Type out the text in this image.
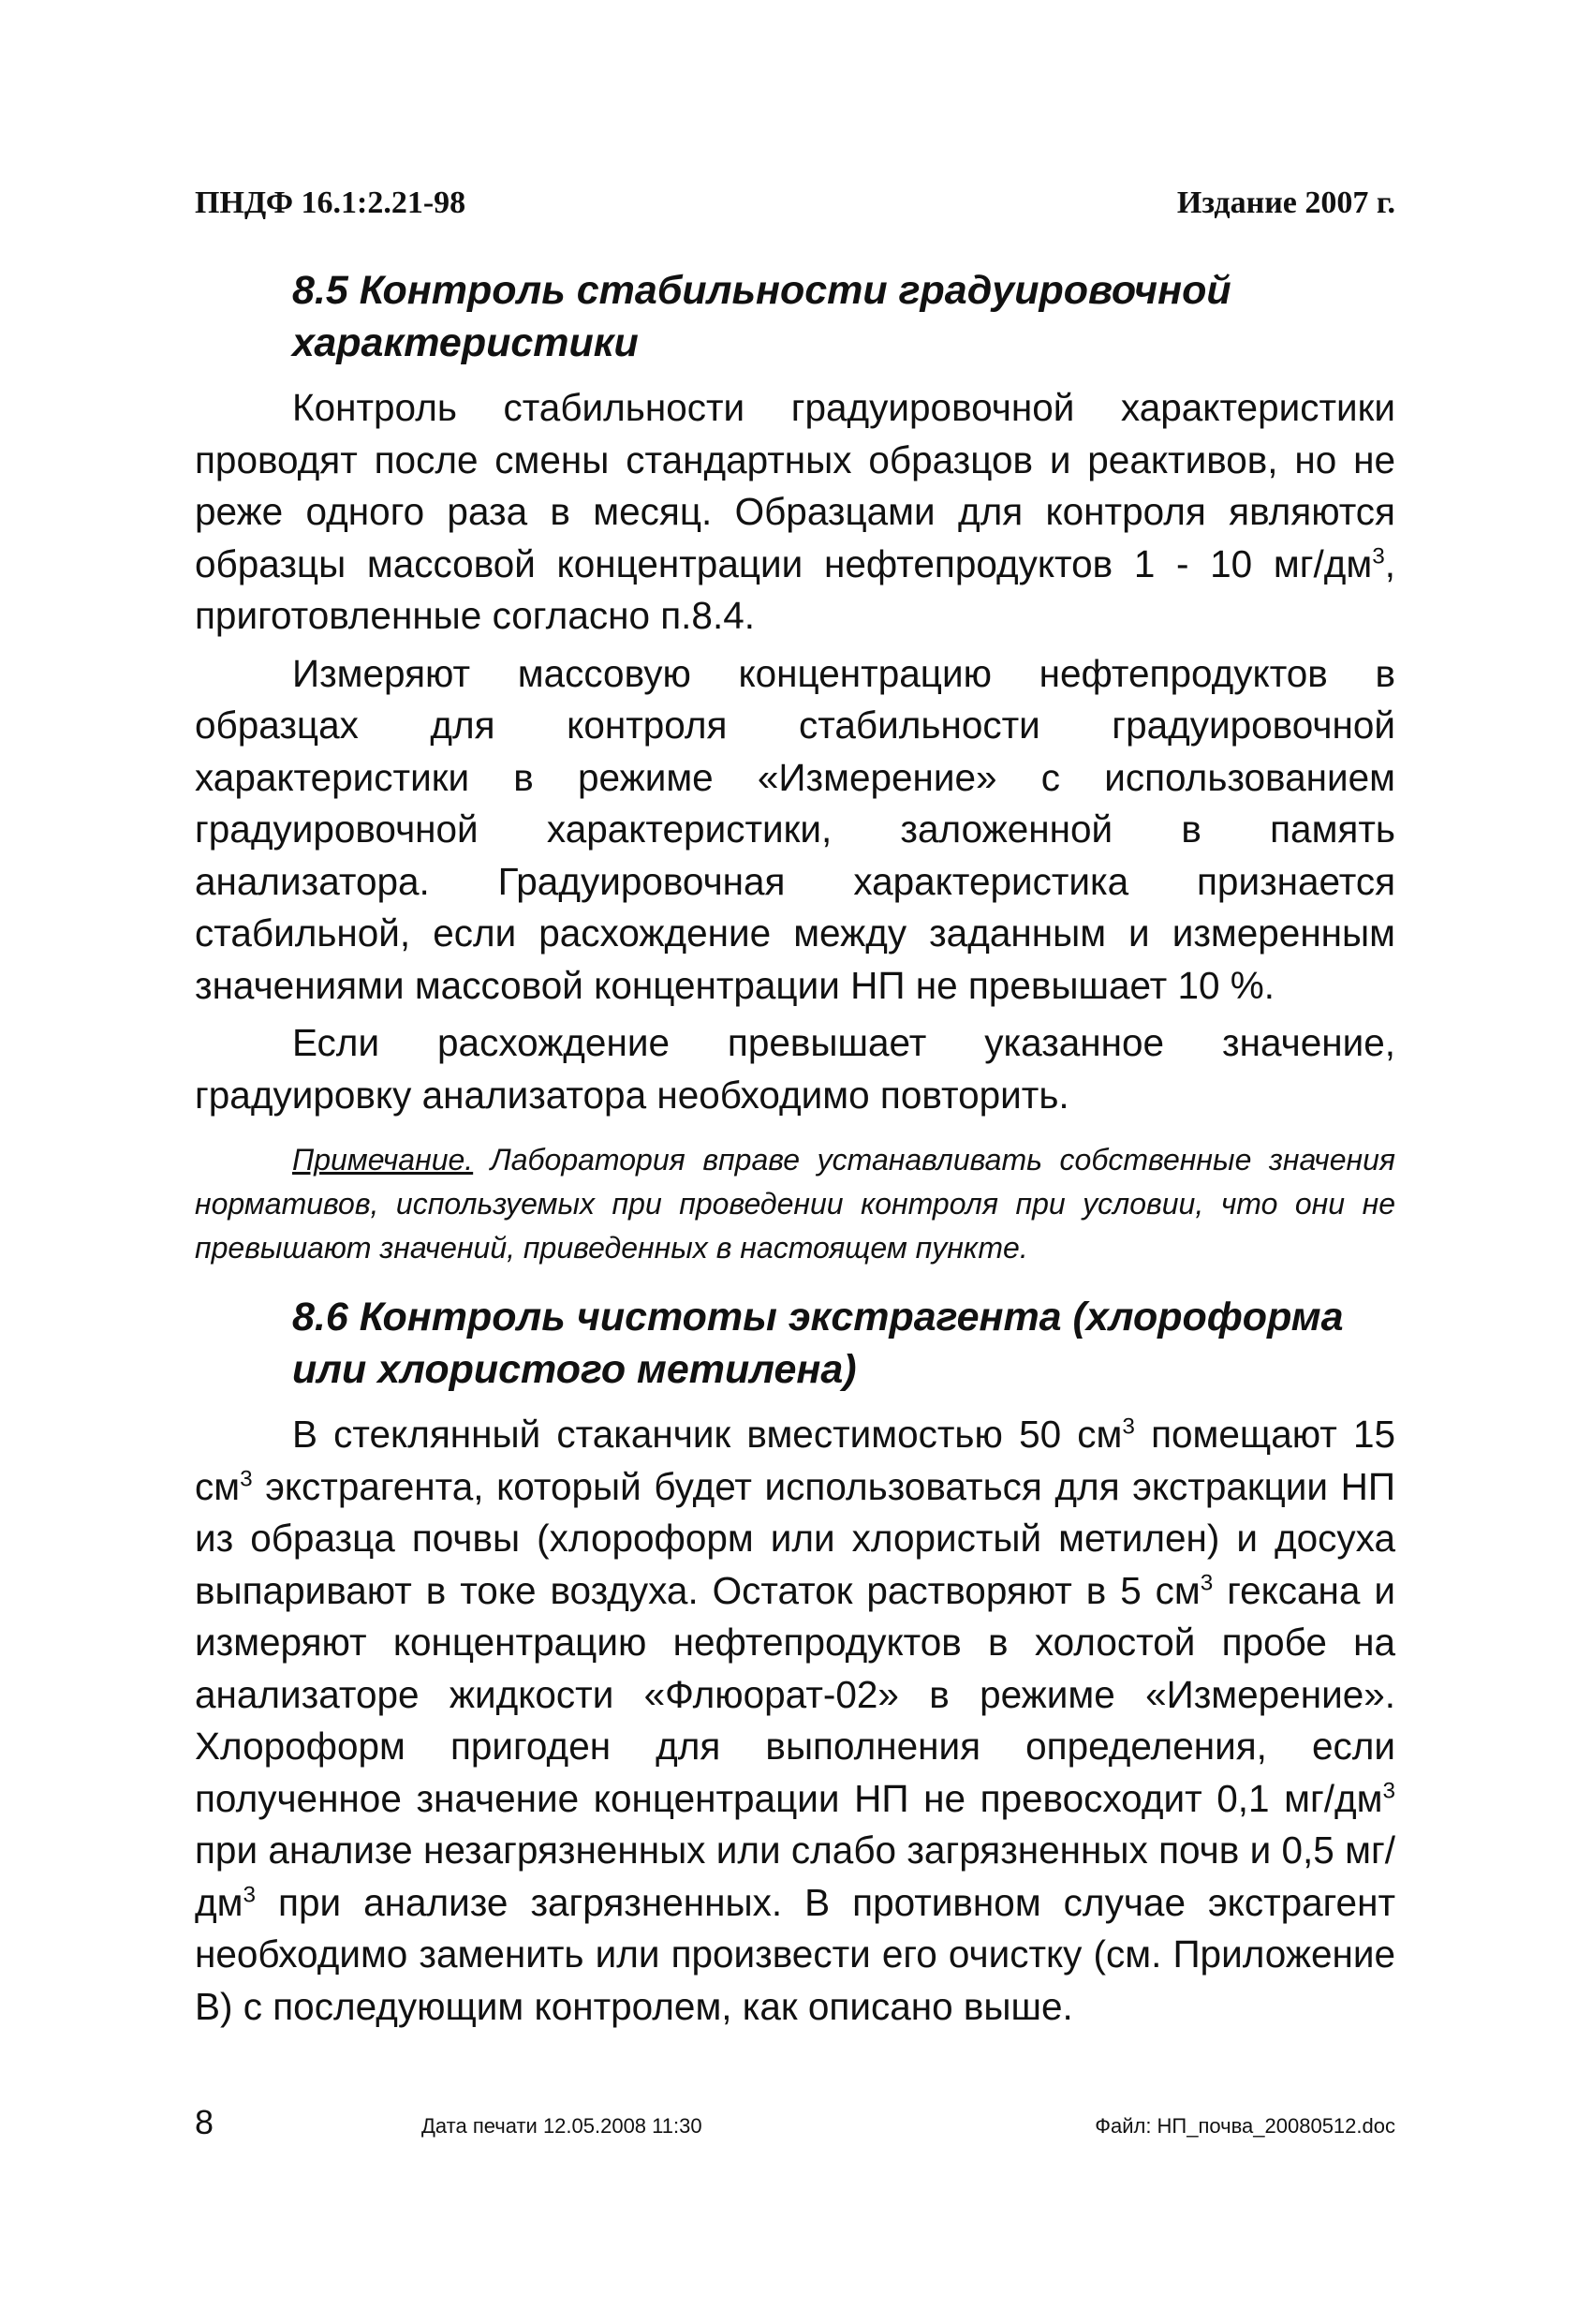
ПНДФ 16.1:2.21-98	Издание 2007 г.
8.5 Контроль стабильности градуировочной характеристики

Контроль стабильности градуировочной характеристики проводят после смены стандартных образцов и реактивов, но не реже одного раза в месяц. Образцами для контроля являются образцы массовой концентрации нефтепродуктов 1 - 10 $мг/дм^3$, приготовленные согласно п.8.4.

Измеряют массовую концентрацию нефтепродуктов в образцах для контроля стабильности градуировочной характеристики в режиме «Измерение» с использованием градуировочной характеристики, заложенной в память анализатора. Градуировочная характеристика признается стабильной, если расхождение между заданным и измеренным значениями массовой концентрации НП не превышает 10 %.

Если расхождение превышает указанное значение, градуировку анализатора необходимо повторить.

Примечание. Лаборатория вправе устанавливать собственные значения нормативов, используемых при проведении контроля при условии, что они не превышают значений, приведенных в настоящем пункте.

8.6 Контроль чистоты экстрагента (хлороформа или хлористого метилена)

В стеклянный стаканчик вместимостью 50 $см^3$ помещают 15 $см^3$ экстрагента, который будет использоваться для экстракции НП из образца почвы (хлороформ или хлористый метилен) и досуха выпаривают в токе воздуха. Остаток растворяют в 5 $см^3$ гексана и измеряют концентрацию нефтепродуктов в холостой пробе на анализаторе жидкости «Флюорат-02» в режиме «Измерение». Хлороформ пригоден для выполнения определения, если полученное значение концентрации НП не превосходит 0,1 $мг/дм^3$ при анализе незагрязненных или слабо загрязненных почв и 0,5 $мг/дм^3$ при анализе загрязненных. В противном случае экстрагент необходимо заменить или произвести его очистку (см. Приложение В) с последующим контролем, как описано выше.

8	Дата печати 12.05.2008 11:30	Файл: НП_почва_20080512.doc
